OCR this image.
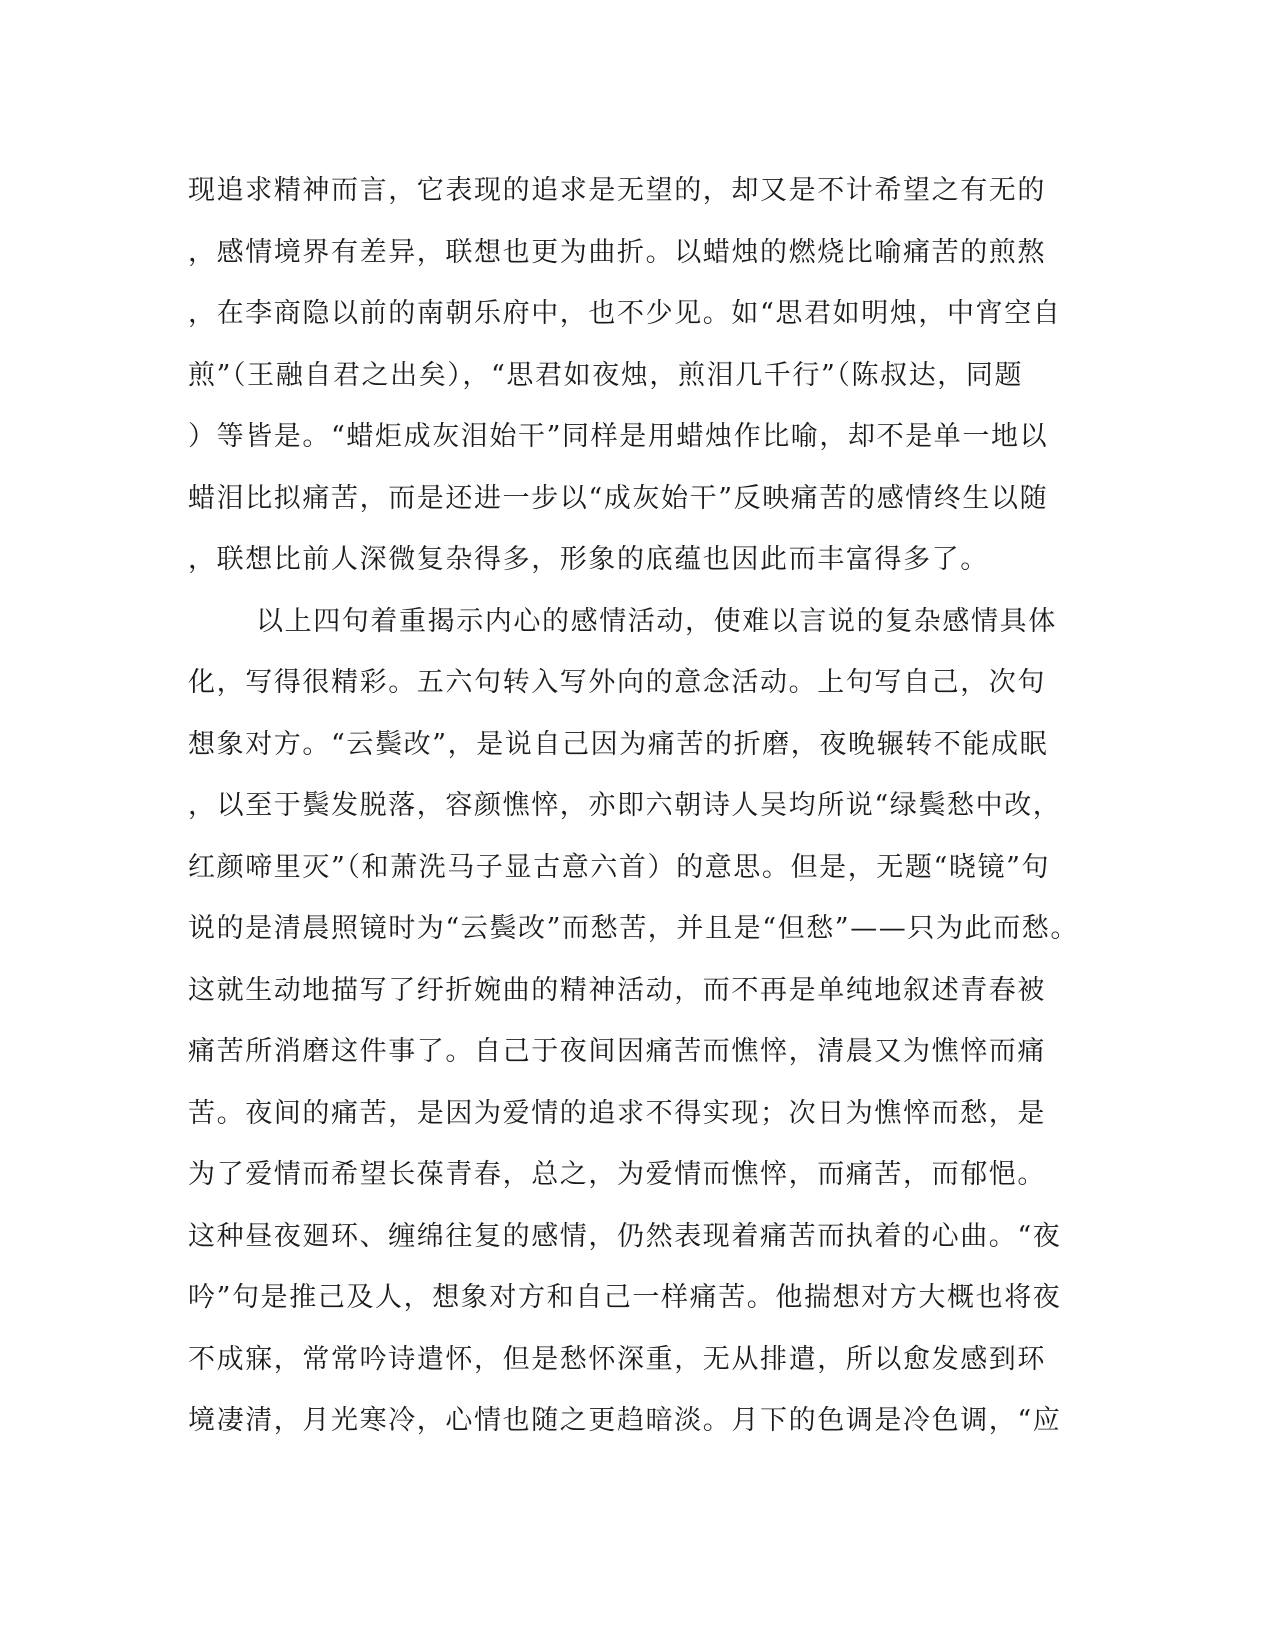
现追求精神而言，它表现的追求是无望的，却又是不计希望之有无的
，感情境界有差异，联想也更为曲折。以蜡烛的燃烧比喻痛苦的煎熬
，在李商隐以前的南朝乐府中，也不少见。如“思君如明烛，中宵空自
煎”（王融自君之出矣），“思君如夜烛，煎泪几千行”（陈叔达，同题
）等皆是。“蜡炬成灰泪始干”同样是用蜡烛作比喻，却不是单一地以
蜡泪比拟痛苦，而是还进一步以“成灰始干”反映痛苦的感情终生以随
，联想比前人深微复杂得多，形象的底蕴也因此而丰富得多了。
以上四句着重揭示内心的感情活动，使难以言说的复杂感情具体
化，写得很精彩。五六句转入写外向的意念活动。上句写自己，次句
想象对方。“云鬓改”，是说自己因为痛苦的折磨，夜晚辗转不能成眠
，以至于鬓发脱落，容颜憔悴，亦即六朝诗人吴均所说“绿鬓愁中改，
红颜啼里灭”（和萧洗马子显古意六首）的意思。但是，无题“晓镜”句
说的是清晨照镜时为“云鬓改”而愁苦，并且是“但愁”——只为此而愁。
这就生动地描写了纡折婉曲的精神活动，而不再是单纯地叙述青春被
痛苦所消磨这件事了。自己于夜间因痛苦而憔悴，清晨又为憔悴而痛
苦。夜间的痛苦，是因为爱情的追求不得实现；次日为憔悴而愁，是
为了爱情而希望长葆青春，总之，为爱情而憔悴，而痛苦，而郁悒。
这种昼夜廻环、缠绵往复的感情，仍然表现着痛苦而执着的心曲。“夜
吟”句是推己及人，想象对方和自己一样痛苦。他揣想对方大概也将夜
不成寐，常常吟诗遣怀，但是愁怀深重，无从排遣，所以愈发感到环
境凄清，月光寒冷，心情也随之更趋暗淡。月下的色调是冷色调，“应
